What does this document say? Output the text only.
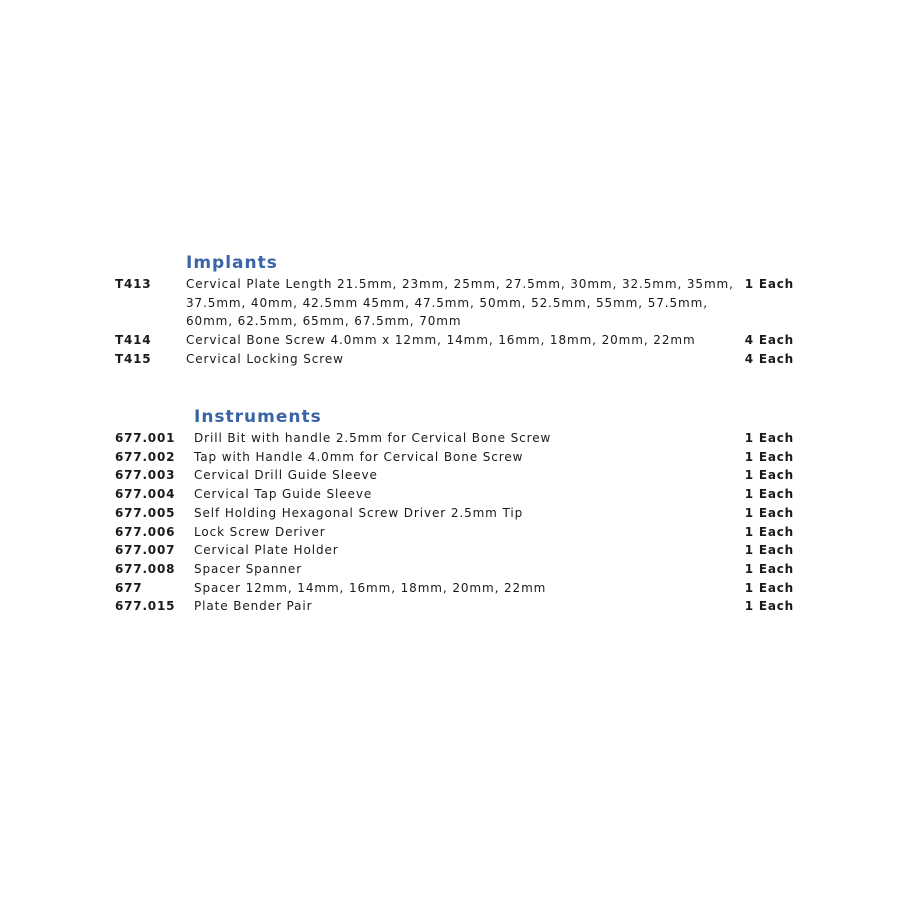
Implants
T413	Cervical Plate Length 21.5mm, 23mm, 25mm, 27.5mm, 30mm, 32.5mm, 35mm,
37.5mm, 40mm, 42.5mm 45mm, 47.5mm, 50mm, 52.5mm, 55mm, 57.5mm,
60mm, 62.5mm, 65mm, 67.5mm, 70mm
1 Each
T414	Cervical Bone Screw 4.0mm x 12mm, 14mm, 16mm, 18mm, 20mm, 22mm	4 Each
T415	Cervical Locking Screw	4 Each
Instruments
677.001 Drill Bit with handle 2.5mm for Cervical Bone Screw	1 Each
677.002 Tap with Handle 4.0mm for Cervical Bone Screw	1 Each
677.003 Cervical Drill Guide Sleeve	1 Each
677.004 Cervical Tap Guide Sleeve	1 Each
677.005 Self Holding Hexagonal Screw Driver 2.5mm Tip	1 Each
677.006 Lock Screw Deriver	1 Each
677.007 Cervical Plate Holder	1 Each
677.008 Spacer Spanner	1 Each
677	Spacer 12mm, 14mm, 16mm, 18mm, 20mm, 22mm	1 Each
677.015 Plate Bender Pair	1 Each
